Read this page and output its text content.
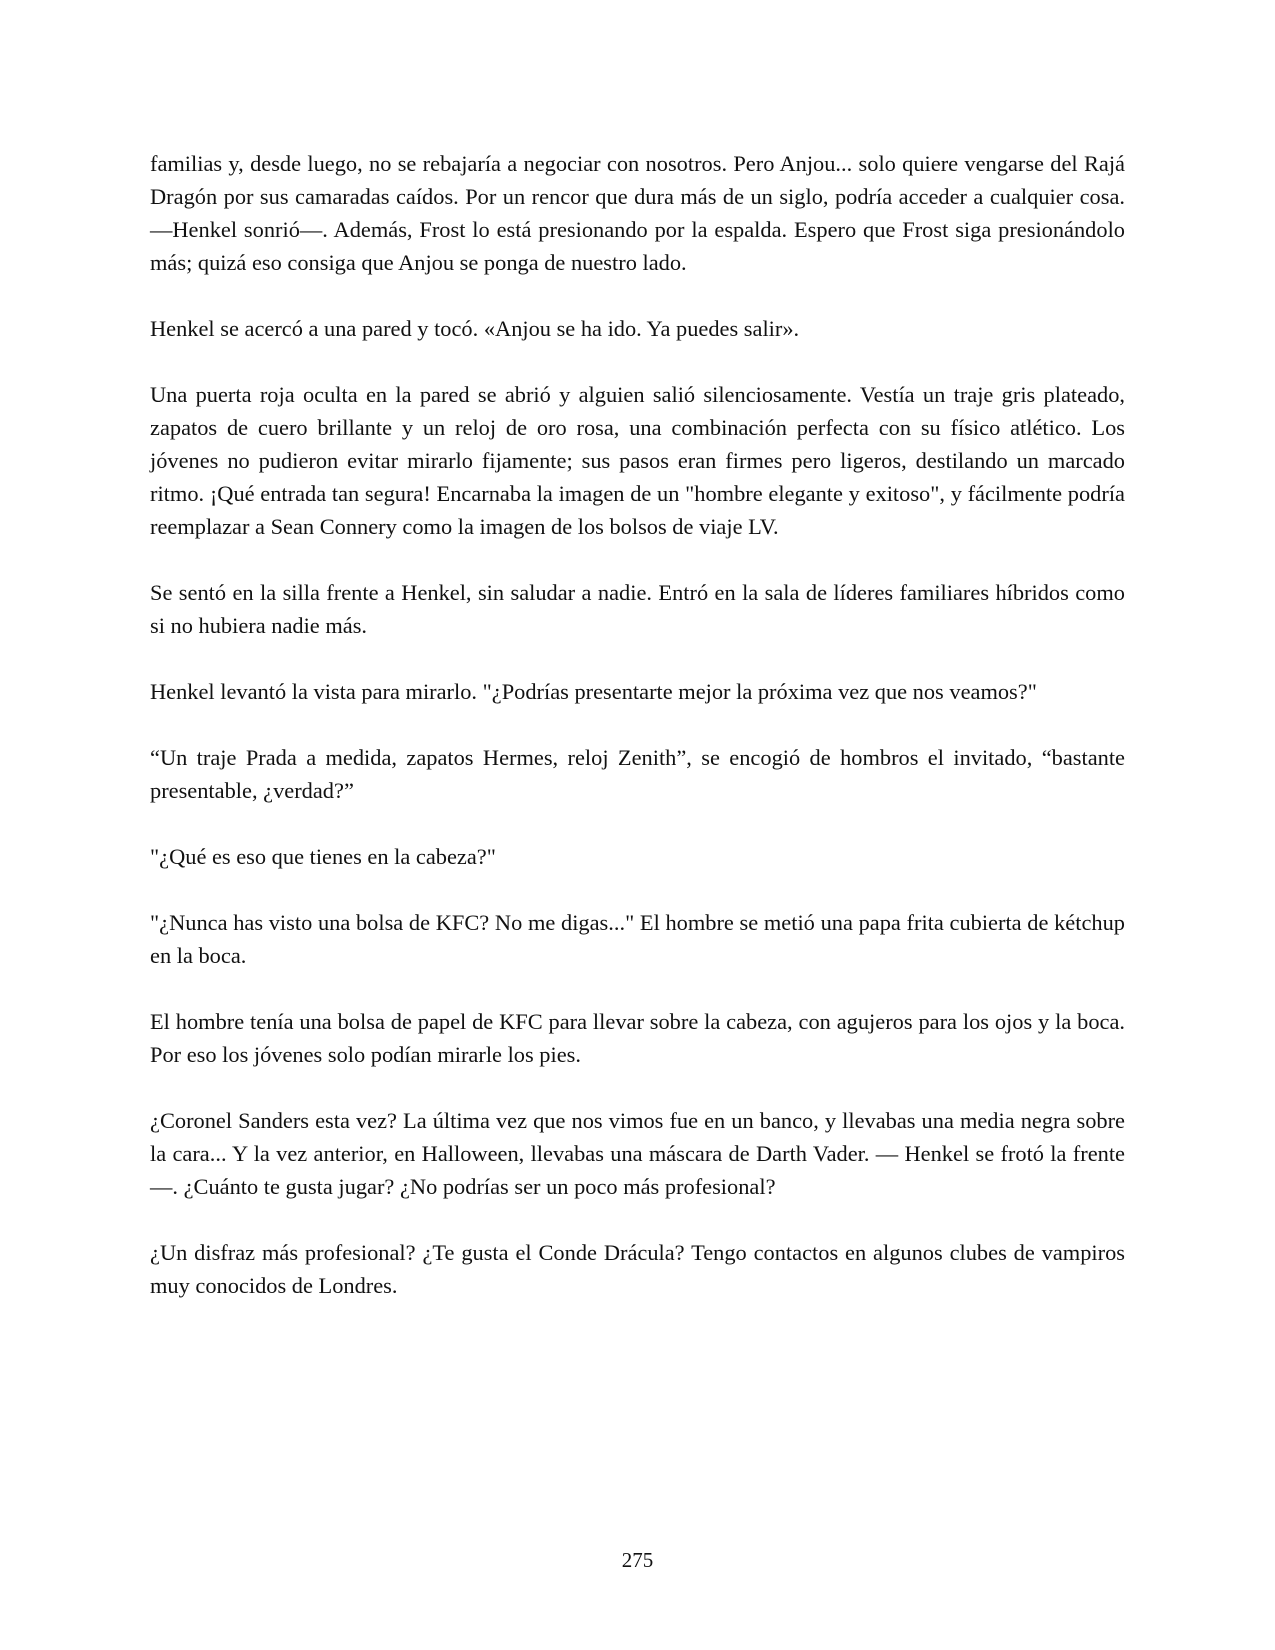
familias y, desde luego, no se rebajaría a negociar con nosotros. Pero Anjou... solo quiere vengarse del Rajá Dragón por sus camaradas caídos. Por un rencor que dura más de un siglo, podría acceder a cualquier cosa. —Henkel sonrió—. Además, Frost lo está presionando por la espalda. Espero que Frost siga presionándolo más; quizá eso consiga que Anjou se ponga de nuestro lado.

Henkel se acercó a una pared y tocó. «Anjou se ha ido. Ya puedes salir».

Una puerta roja oculta en la pared se abrió y alguien salió silenciosamente. Vestía un traje gris plateado, zapatos de cuero brillante y un reloj de oro rosa, una combinación perfecta con su físico atlético. Los jóvenes no pudieron evitar mirarlo fijamente; sus pasos eran firmes pero ligeros, destilando un marcado ritmo. ¡Qué entrada tan segura! Encarnaba la imagen de un "hombre elegante y exitoso", y fácilmente podría reemplazar a Sean Connery como la imagen de los bolsos de viaje LV.

Se sentó en la silla frente a Henkel, sin saludar a nadie. Entró en la sala de líderes familiares híbridos como si no hubiera nadie más.

Henkel levantó la vista para mirarlo. "¿Podrías presentarte mejor la próxima vez que nos veamos?"

“Un traje Prada a medida, zapatos Hermes, reloj Zenith”, se encogió de hombros el invitado, “bastante presentable, ¿verdad?”

"¿Qué es eso que tienes en la cabeza?"

"¿Nunca has visto una bolsa de KFC? No me digas..." El hombre se metió una papa frita cubierta de kétchup en la boca.

El hombre tenía una bolsa de papel de KFC para llevar sobre la cabeza, con agujeros para los ojos y la boca. Por eso los jóvenes solo podían mirarle los pies.

¿Coronel Sanders esta vez? La última vez que nos vimos fue en un banco, y llevabas una media negra sobre la cara... Y la vez anterior, en Halloween, llevabas una máscara de Darth Vader. — Henkel se frotó la frente—. ¿Cuánto te gusta jugar? ¿No podrías ser un poco más profesional?

¿Un disfraz más profesional? ¿Te gusta el Conde Drácula? Tengo contactos en algunos clubes de vampiros muy conocidos de Londres.

275
